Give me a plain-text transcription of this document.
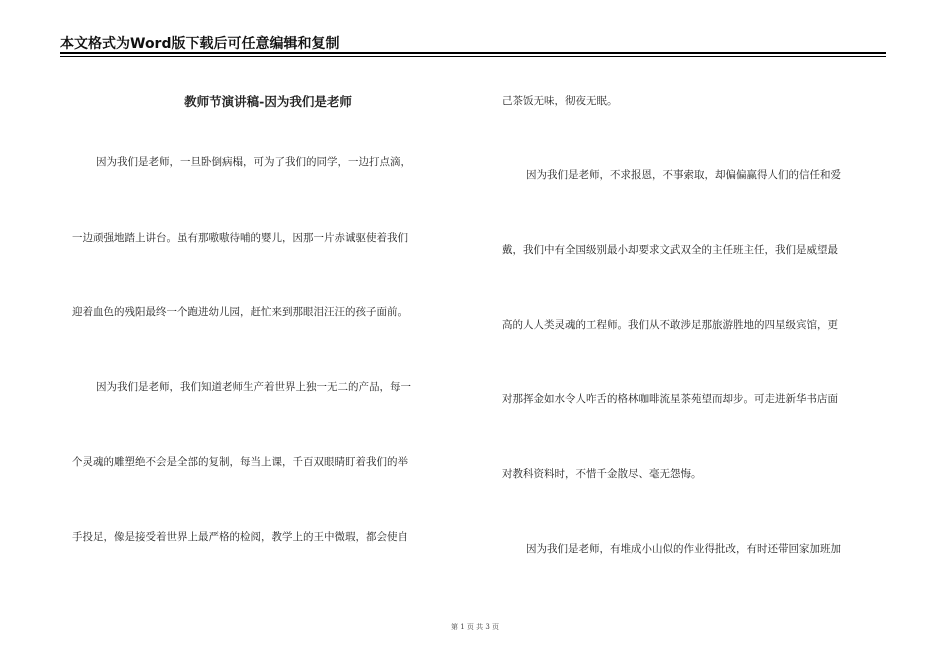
本文格式为Word版下载后可任意编辑和复制
教师节演讲稿-因为我们是老师
因为我们是老师，一旦卧倒病榻，可为了我们的同学，一边打点滴，
一边顽强地踏上讲台。虽有那嗷嗷待哺的婴儿，因那一片赤诚驱使着我们
迎着血色的残阳最终一个跑进幼儿园，赶忙来到那眼泪汪汪的孩子面前。
因为我们是老师，我们知道老师生产着世界上独一无二的产品，每一
个灵魂的雕塑绝不会是全部的复制，每当上课，千百双眼睛盯着我们的举
手投足，像是接受着世界上最严格的检阅，教学上的王中微瑕，都会使自
己茶饭无味，彻夜无眠。
因为我们是老师，不求报恩，不事索取，却偏偏赢得人们的信任和爱
戴，我们中有全国级别最小却要求文武双全的主任班主任，我们是威望最
高的人人类灵魂的工程师。我们从不敢涉足那旅游胜地的四星级宾馆，更
对那挥金如水令人咋舌的格林咖啡流星茶苑望而却步。可走进新华书店面
对教科资料时，不惜千金散尽、毫无怨悔。
因为我们是老师，有堆成小山似的作业得批改，有时还带回家加班加
第 1 页 共 3 页
